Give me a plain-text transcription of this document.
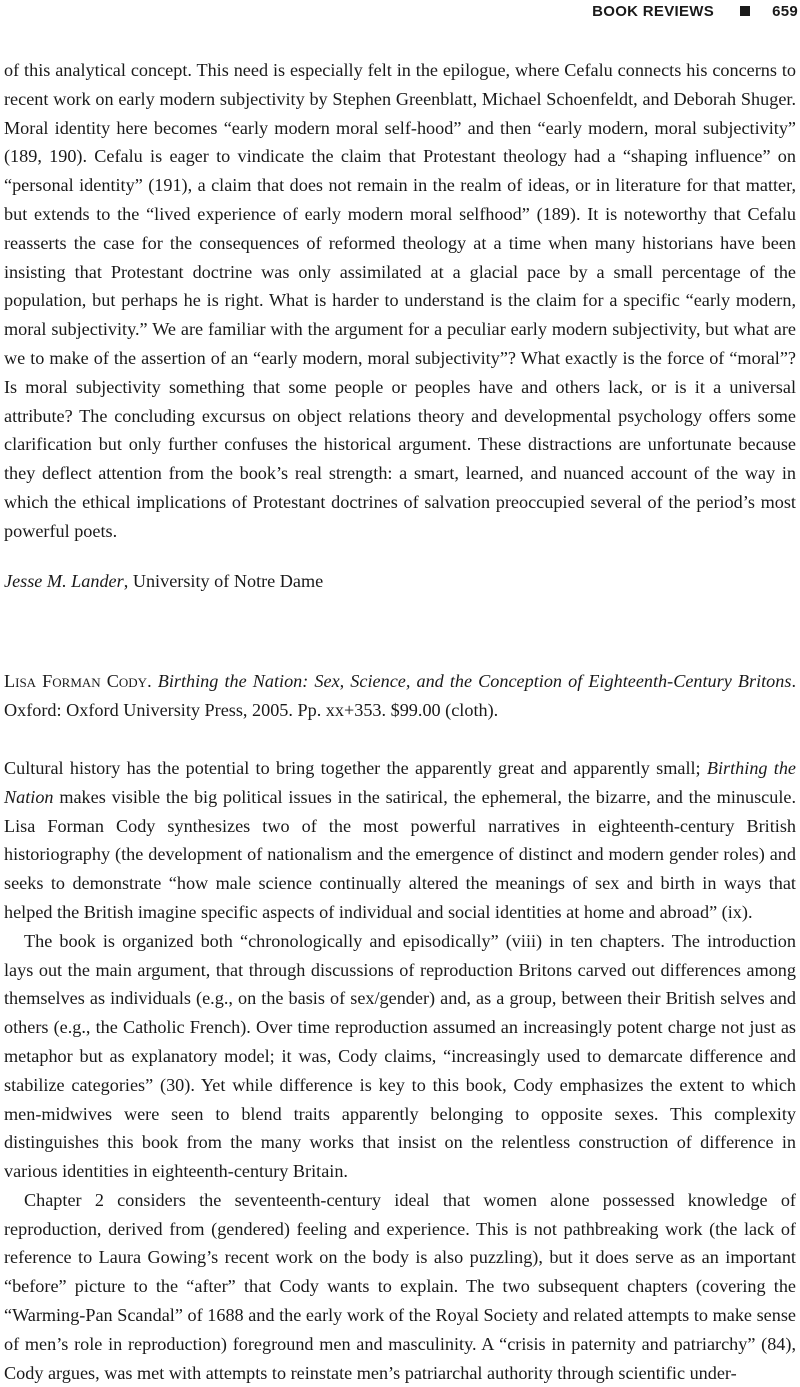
BOOK REVIEWS	659

of this analytical concept. This need is especially felt in the epilogue, where Cefalu connects his concerns to recent work on early modern subjectivity by Stephen Greenblatt, Michael Schoenfeldt, and Deborah Shuger. Moral identity here becomes “early modern moral self-hood” and then “early modern, moral subjectivity” (189, 190). Cefalu is eager to vindicate the claim that Protestant theology had a “shaping influence” on “personal identity” (191), a claim that does not remain in the realm of ideas, or in literature for that matter, but extends to the “lived experience of early modern moral selfhood” (189). It is noteworthy that Cefalu reasserts the case for the consequences of reformed theology at a time when many historians have been insisting that Protestant doctrine was only assimilated at a glacial pace by a small percentage of the population, but perhaps he is right. What is harder to understand is the claim for a specific “early modern, moral subjectivity.” We are familiar with the argument for a peculiar early modern subjectivity, but what are we to make of the assertion of an “early modern, moral subjectivity”? What exactly is the force of “moral”? Is moral subjectivity something that some people or peoples have and others lack, or is it a universal attribute? The concluding excursus on object relations theory and developmental psychology offers some clarification but only further confuses the historical argument. These distractions are unfortunate because they deflect attention from the book’s real strength: a smart, learned, and nuanced account of the way in which the ethical implications of Protestant doctrines of salvation preoccupied several of the period’s most powerful poets.

Jesse M. Lander, University of Notre Dame

Lisa Forman Cody. Birthing the Nation: Sex, Science, and the Conception of Eighteenth-Century Britons. Oxford: Oxford University Press, 2005. Pp. xx+353. $99.00 (cloth).

Cultural history has the potential to bring together the apparently great and apparently small; Birthing the Nation makes visible the big political issues in the satirical, the ephemeral, the bizarre, and the minuscule. Lisa Forman Cody synthesizes two of the most powerful narratives in eighteenth-century British historiography (the development of nationalism and the emergence of distinct and modern gender roles) and seeks to demonstrate “how male science continually altered the meanings of sex and birth in ways that helped the British imagine specific aspects of individual and social identities at home and abroad” (ix).

The book is organized both “chronologically and episodically” (viii) in ten chapters. The introduction lays out the main argument, that through discussions of reproduction Britons carved out differences among themselves as individuals (e.g., on the basis of sex/gender) and, as a group, between their British selves and others (e.g., the Catholic French). Over time reproduction assumed an increasingly potent charge not just as metaphor but as explanatory model; it was, Cody claims, “increasingly used to demarcate difference and stabilize categories” (30). Yet while difference is key to this book, Cody emphasizes the extent to which men-midwives were seen to blend traits apparently belonging to opposite sexes. This complexity distinguishes this book from the many works that insist on the relentless construction of difference in various identities in eighteenth-century Britain.

Chapter 2 considers the seventeenth-century ideal that women alone possessed knowledge of reproduction, derived from (gendered) feeling and experience. This is not pathbreaking work (the lack of reference to Laura Gowing’s recent work on the body is also puzzling), but it does serve as an important “before” picture to the “after” that Cody wants to explain. The two subsequent chapters (covering the “Warming-Pan Scandal” of 1688 and the early work of the Royal Society and related attempts to make sense of men’s role in reproduction) foreground men and masculinity. A “crisis in paternity and patriarchy” (84), Cody argues, was met with attempts to reinstate men’s patriarchal authority through scientific under-
